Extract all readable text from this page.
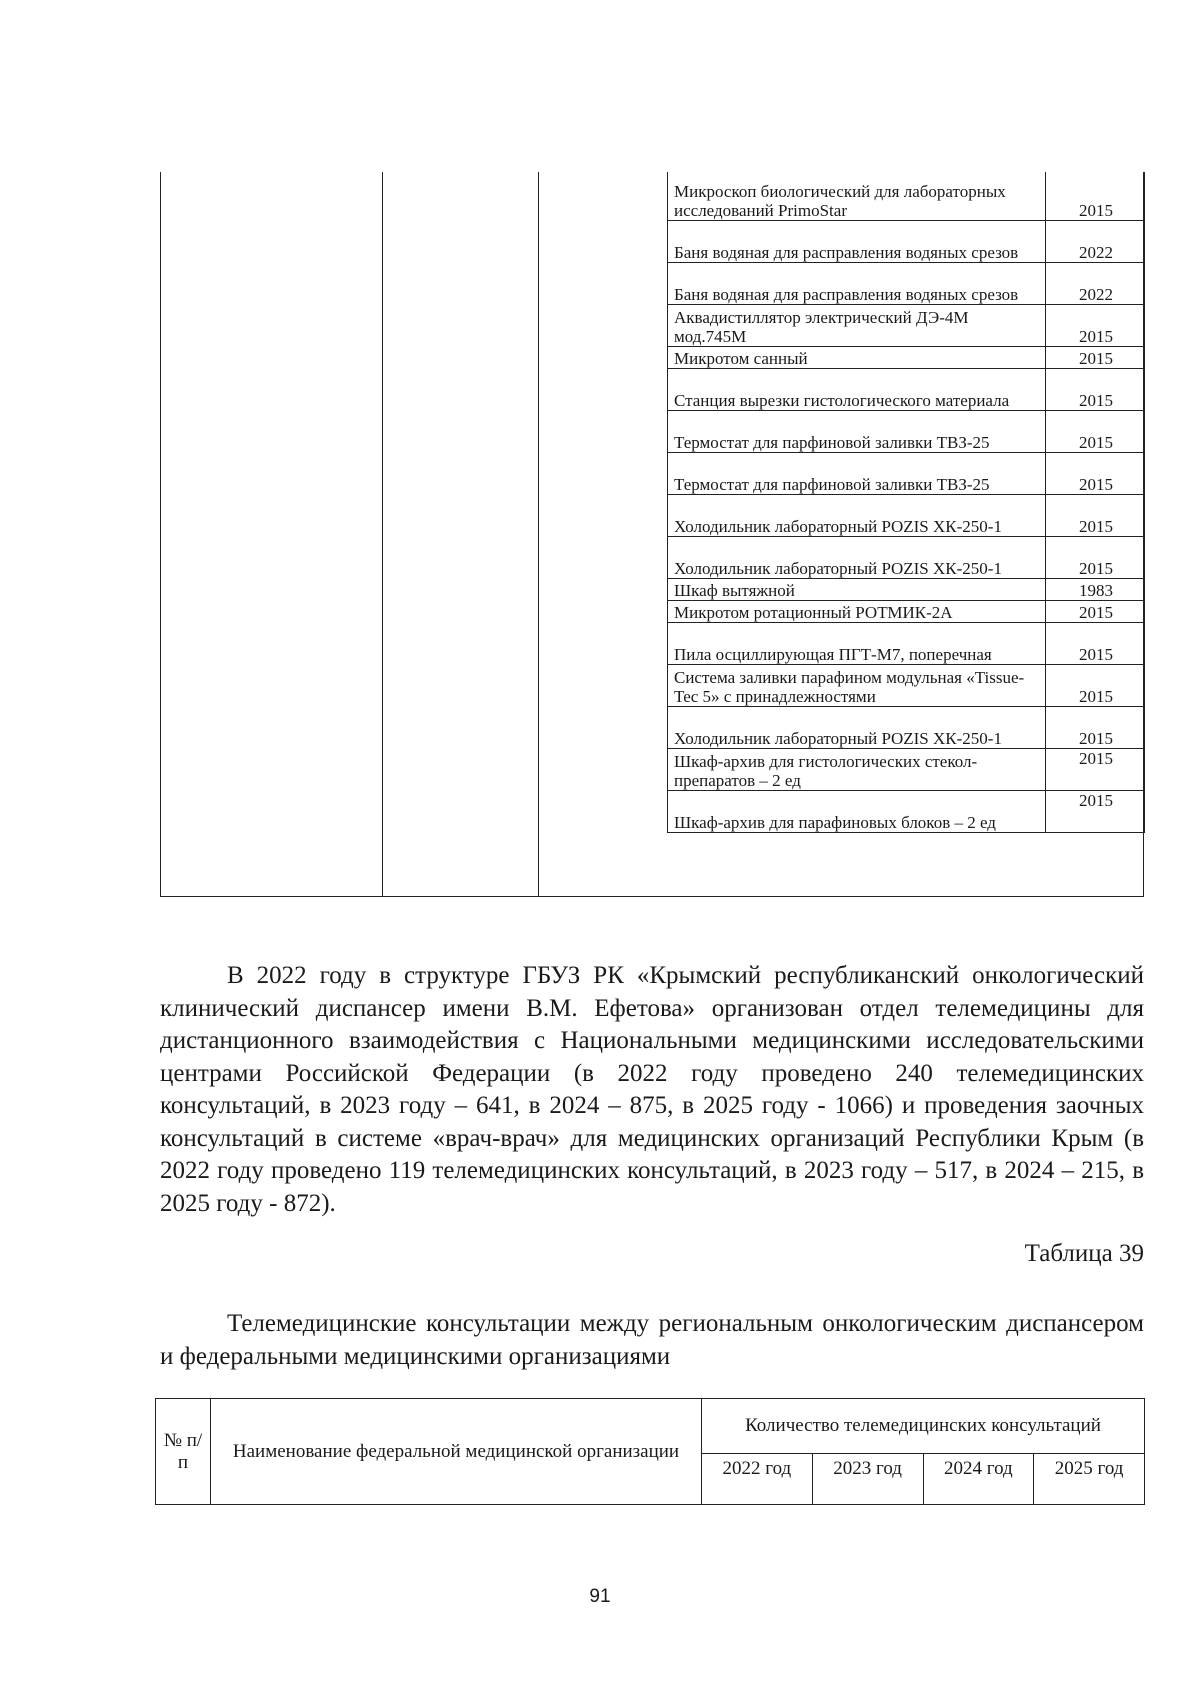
Микроскоп биологический для лабораторных исследований PrimoStar	2015
Баня водяная для расправления водяных срезов	2022
Баня водяная для расправления водяных срезов	2022
Аквадистиллятор электрический ДЭ-4М мод.745М	2015
Микротом санный	2015
Станция вырезки гистологического материала	2015
Термостат для парфиновой заливки ТВЗ-25	2015
Термостат для парфиновой заливки ТВЗ-25	2015
Холодильник лабораторный POZIS ХК-250-1	2015
Холодильник лабораторный POZIS ХК-250-1	2015
Шкаф вытяжной	1983
Микротом ротационный РОТМИК-2А	2015
Пила осциллирующая ПГТ-М7, поперечная	2015
Система заливки парафином модульная «Tissue-Tec 5» с принадлежностями	2015
Холодильник лабораторный POZIS ХК-250-1	2015
Шкаф-архив для гистологических стекол-препаратов – 2 ед	2015
Шкаф-архив для парафиновых блоков – 2 ед	2015

В 2022 году в структуре ГБУЗ РК «Крымский республиканский онкологический клинический диспансер имени В.М. Ефетова» организован отдел телемедицины для дистанционного взаимодействия с Национальными медицинскими исследовательскими центрами Российской Федерации (в 2022 году проведено 240 телемедицинских консультаций, в 2023 году – 641, в 2024 – 875, в 2025 году - 1066) и проведения заочных консультаций в системе «врач-врач» для медицинских организаций Республики Крым (в 2022 году проведено 119 телемедицинских консультаций, в 2023 году – 517, в 2024 – 215, в 2025 году - 872).

Таблица 39

Телемедицинские консультации между региональным онкологическим диспансером и федеральными медицинскими организациями

№ п/п	Наименование федеральной медицинской организации	Количество телемедицинских консультаций			
		2022 год	2023 год	2024 год	2025 год
91
